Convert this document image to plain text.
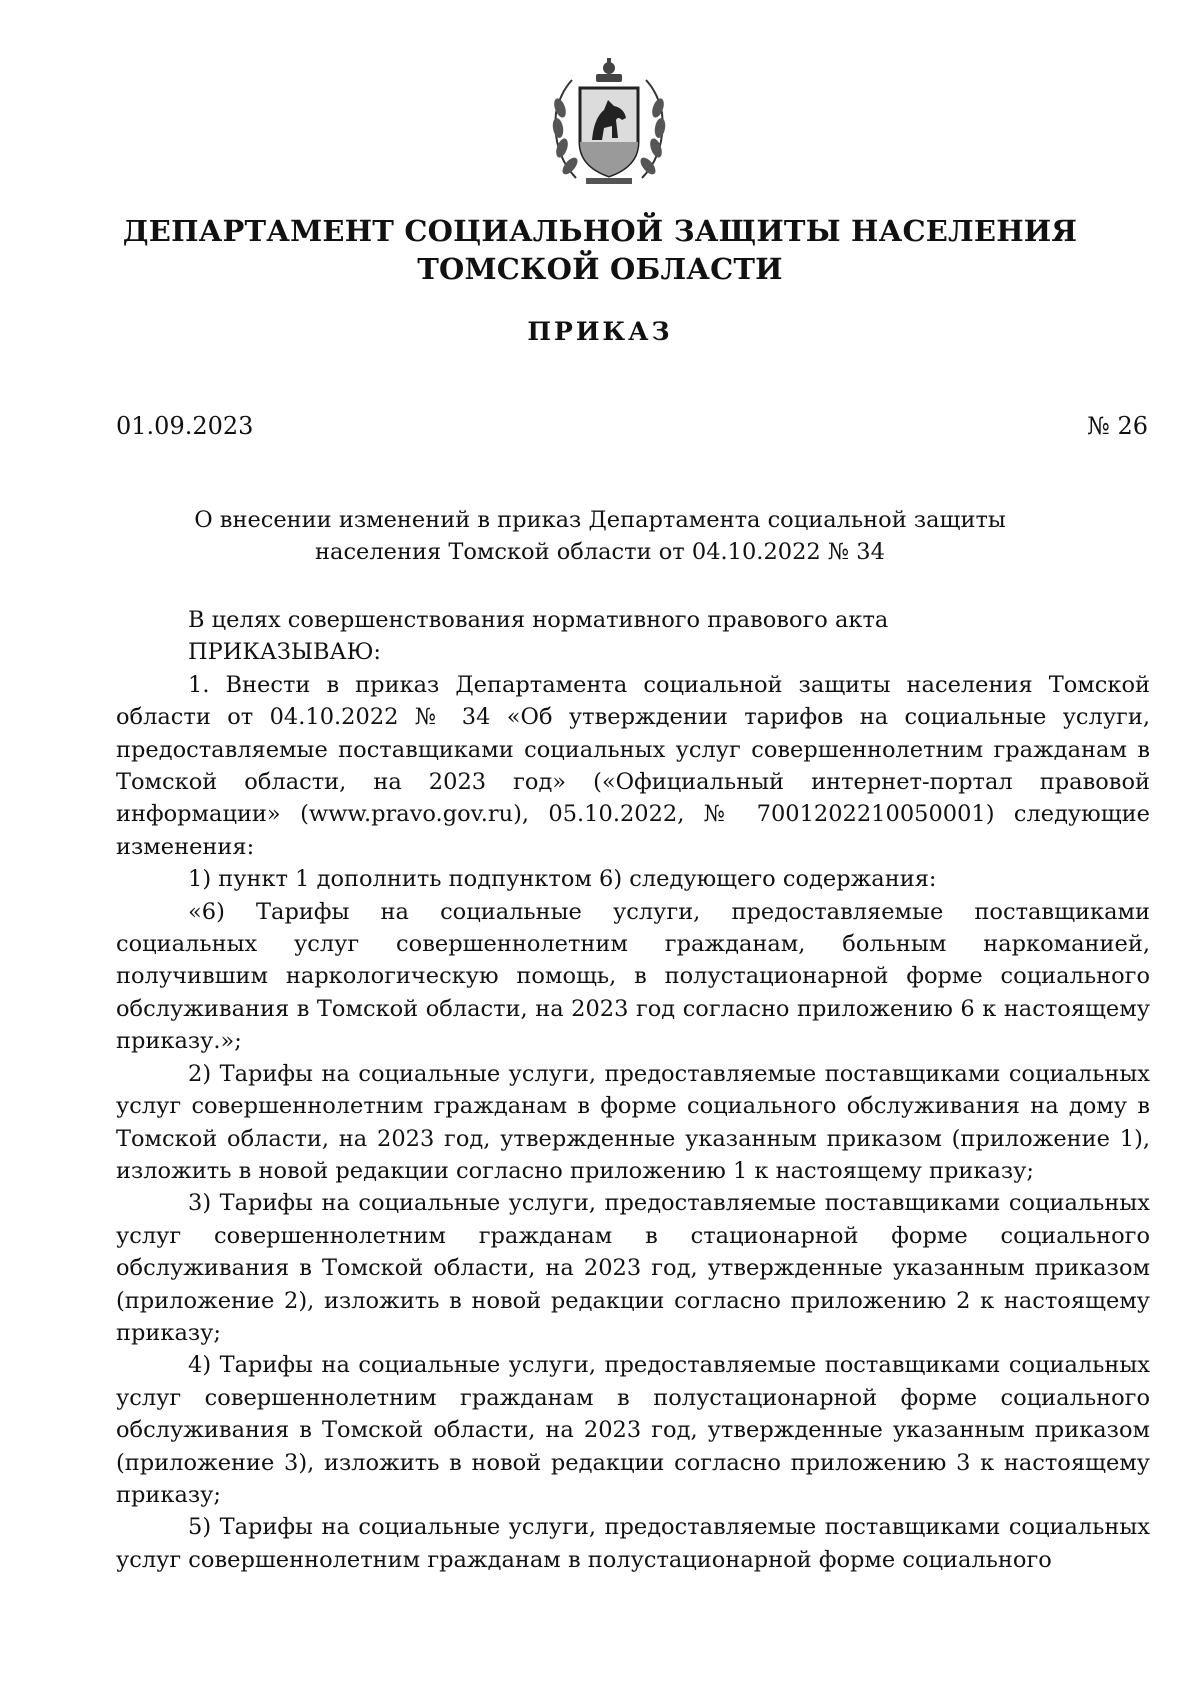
ДЕПАРТАМЕНТ СОЦИАЛЬНОЙ ЗАЩИТЫ НАСЕЛЕНИЯ
ТОМСКОЙ ОБЛАСТИ
ПРИКАЗ
01.09.2023	№ 26
О внесении изменений в приказ Департамента социальной защиты
населения Томской области от 04.10.2022 № 34

В целях совершенствования нормативного правового акта

ПРИКАЗЫВАЮ:

1. Внести в приказ Департамента социальной защиты населения Томской области от 04.10.2022 № 34 «Об утверждении тарифов на социальные услуги, предоставляемые поставщиками социальных услуг совершеннолетним гражданам в Томской области, на 2023 год» («Официальный интернет-портал правовой информации» (www.pravo.gov.ru), 05.10.2022, № 7001202210050001) следующие изменения:

1) пункт 1 дополнить подпунктом 6) следующего содержания:

«6) Тарифы на социальные услуги, предоставляемые поставщиками социальных услуг совершеннолетним гражданам, больным наркоманией, получившим наркологическую помощь, в полустационарной форме социального обслуживания в Томской области, на 2023 год согласно приложению 6 к настоящему приказу.»;

2) Тарифы на социальные услуги, предоставляемые поставщиками социальных услуг совершеннолетним гражданам в форме социального обслуживания на дому в Томской области, на 2023 год, утвержденные указанным приказом (приложение 1), изложить в новой редакции согласно приложению 1 к настоящему приказу;

3) Тарифы на социальные услуги, предоставляемые поставщиками социальных услуг совершеннолетним гражданам в стационарной форме социального обслуживания в Томской области, на 2023 год, утвержденные указанным приказом (приложение 2), изложить в новой редакции согласно приложению 2 к настоящему приказу;

4) Тарифы на социальные услуги, предоставляемые поставщиками социальных услуг совершеннолетним гражданам в полустационарной форме социального обслуживания в Томской области, на 2023 год, утвержденные указанным приказом (приложение 3), изложить в новой редакции согласно приложению 3 к настоящему приказу;

5) Тарифы на социальные услуги, предоставляемые поставщиками социальных услуг совершеннолетним гражданам в полустационарной форме социального
